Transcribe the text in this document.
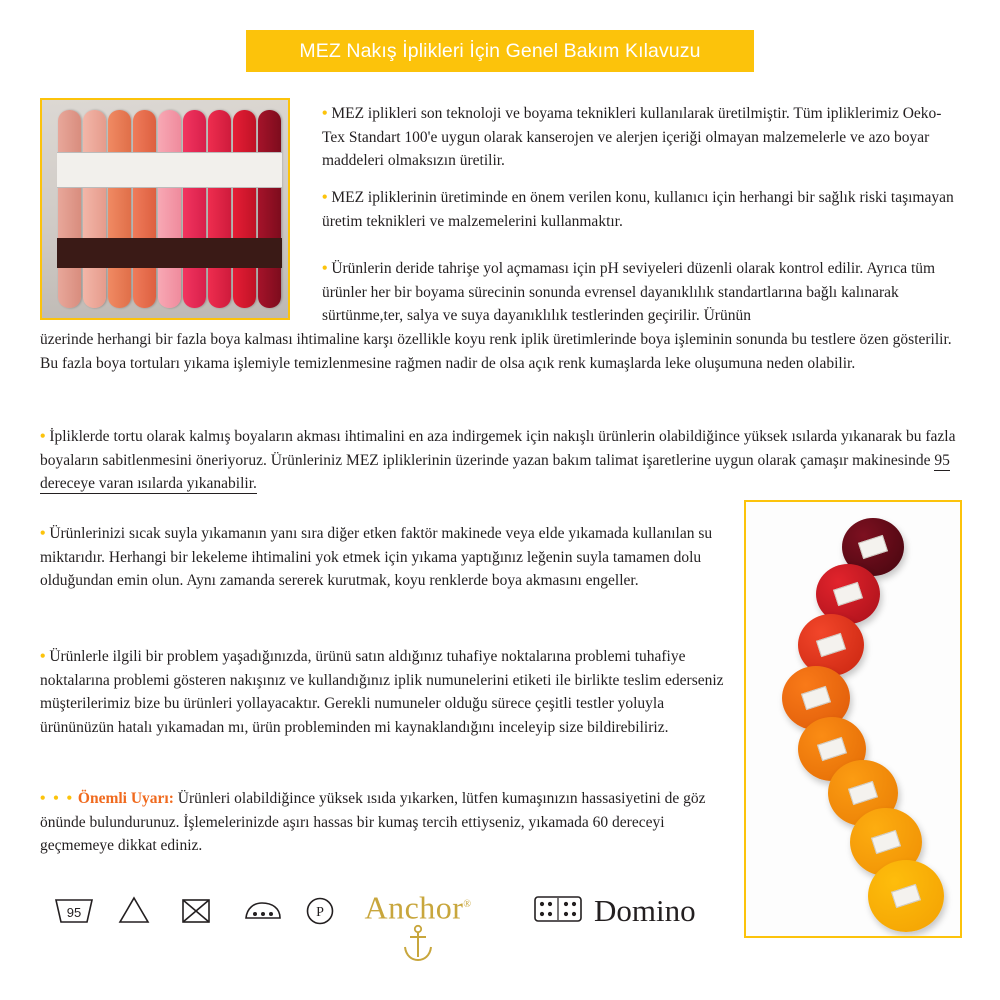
MEZ Nakış İplikleri İçin Genel Bakım Kılavuzu
• MEZ iplikleri son teknoloji ve boyama teknikleri kullanılarak üretilmiştir. Tüm ipliklerimiz Oeko-Tex Standart 100'e uygun olarak kanserojen ve alerjen içeriği olmayan malzemelerle ve azo boyar maddeleri olmaksızın üretilir.
• MEZ ipliklerinin üretiminde en önem verilen konu, kullanıcı için herhangi bir sağlık riski taşımayan üretim teknikleri ve malzemelerini kullanmaktır.
• Ürünlerin deride tahrişe yol açmaması için pH seviyeleri düzenli olarak kontrol edilir. Ayrıca tüm ürünler her bir boyama sürecinin sonunda evrensel dayanıklılık standartlarına bağlı kalınarak sürtünme,ter, salya ve suya dayanıklılık testlerinden geçirilir. Ürünün
üzerinde herhangi bir fazla boya kalması ihtimaline karşı özellikle koyu renk iplik üretimlerinde boya işleminin sonunda bu testlere özen gösterilir. Bu fazla boya tortuları yıkama işlemiyle temizlenmesine rağmen nadir de olsa açık renk kumaşlarda leke oluşumuna neden olabilir.
• İpliklerde tortu olarak kalmış boyaların akması ihtimalini en aza indirgemek için nakışlı ürünlerin olabildiğince yüksek ısılarda yıkanarak bu fazla boyaların sabitlenmesini öneriyoruz. Ürünleriniz MEZ ipliklerinin üzerinde yazan bakım talimat işaretlerine uygun olarak çamaşır makinesinde 95 dereceye varan ısılarda yıkanabilir.
• Ürünlerinizi sıcak suyla yıkamanın yanı sıra diğer etken faktör makinede veya elde yıkamada kullanılan su miktarıdır. Herhangi bir lekeleme ihtimalini yok etmek için yıkama yaptığınız leğenin suyla tamamen dolu olduğundan emin olun. Aynı zamanda sererek kurutmak, koyu renklerde boya akmasını engeller.
• Ürünlerle ilgili bir problem yaşadığınızda, ürünü satın aldığınız tuhafiye noktalarına problemi tuhafiye noktalarına problemi gösteren nakışınız ve kullandığınız iplik numunelerini etiketi ile birlikte teslim ederseniz müşterilerimiz bize bu ürünleri yollayacaktır. Gerekli numuneler olduğu sürece çeşitli testler yoluyla ürününüzün hatalı yıkamadan mı, ürün probleminden mi kaynaklandığını inceleyip size bildirebiliriz.
• • • Önemli Uyarı: Ürünleri olabildiğince yüksek ısıda yıkarken, lütfen kumaşınızın hassasiyetini de göz önünde bulundurunuz. İşlemelerinizde aşırı hassas bir kumaş tercih ettiyseniz, yıkamada 60 dereceyi geçmemeye dikkat ediniz.
95	P	Anchor®	Domino
